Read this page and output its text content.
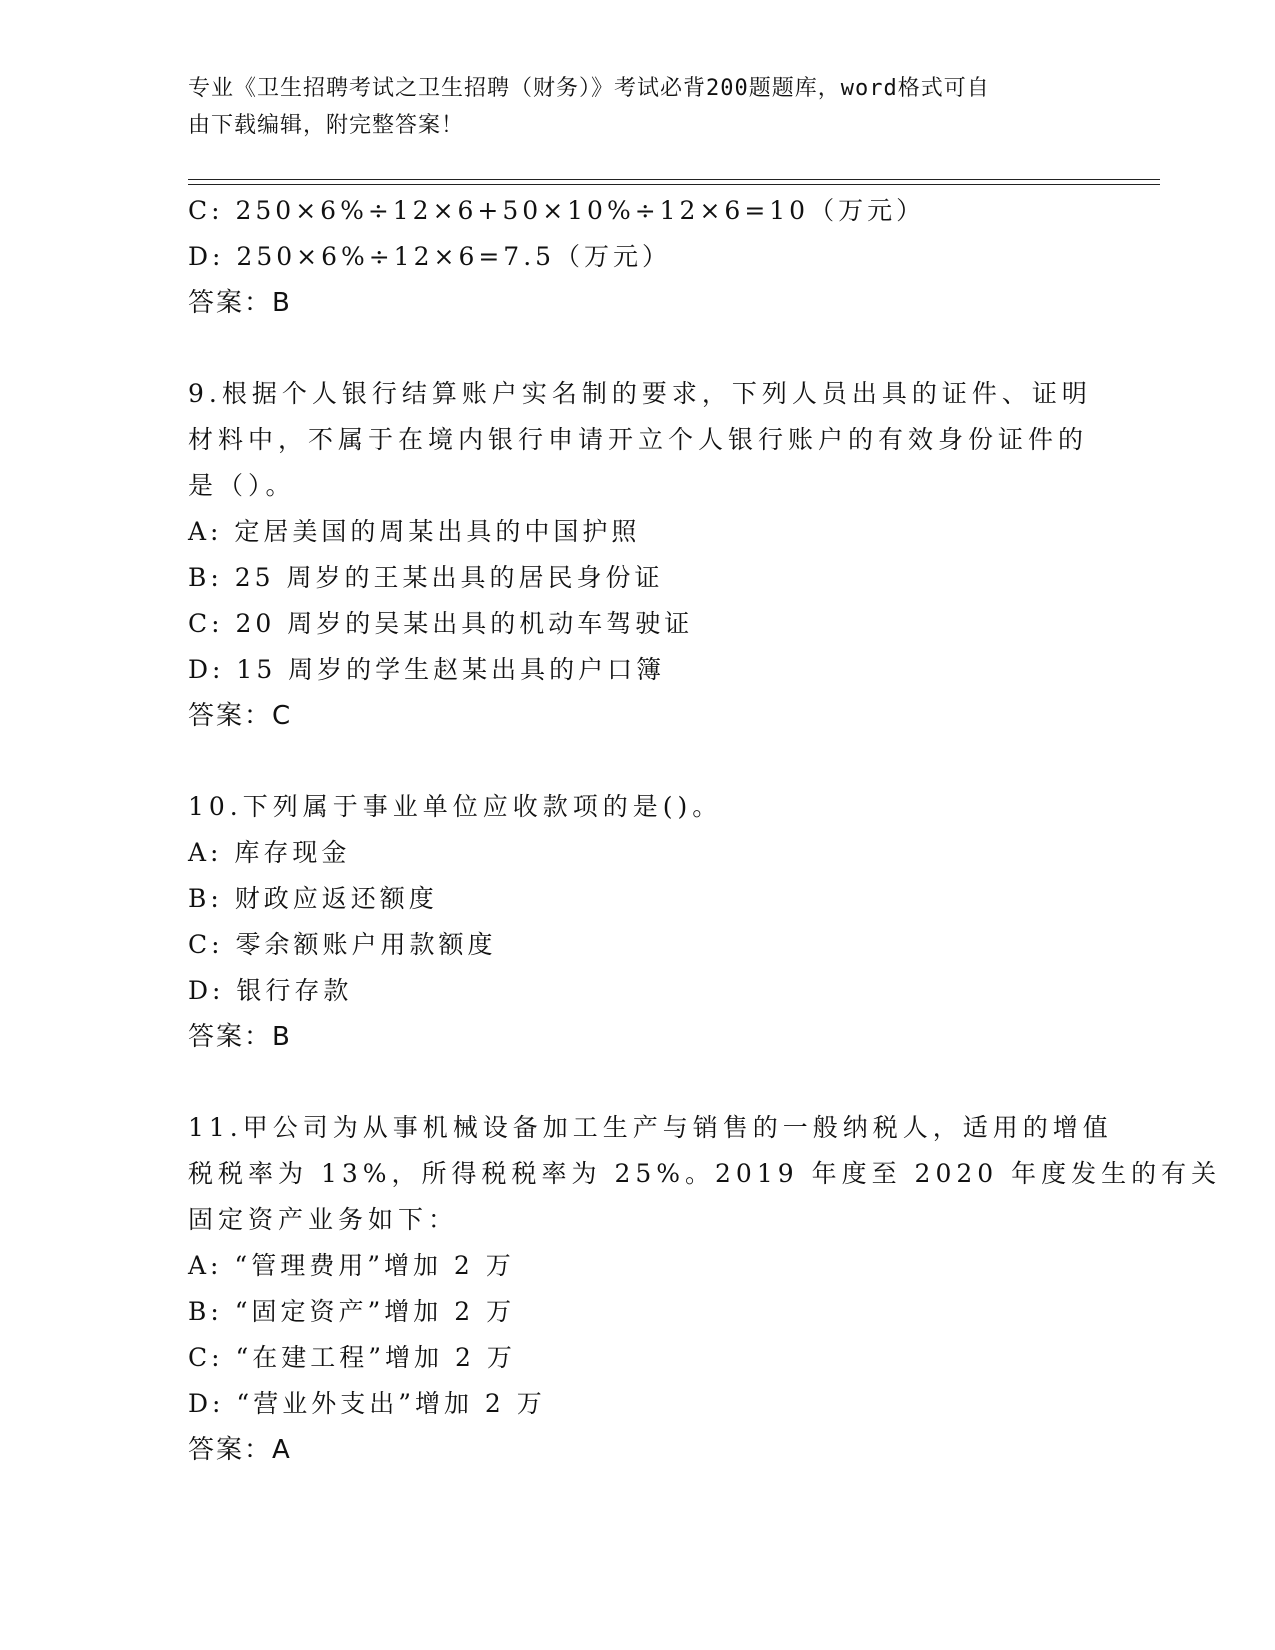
专业《卫生招聘考试之卫生招聘（财务）》考试必背200题题库，word格式可自
由下载编辑，附完整答案！
C: 250×6%÷12×6+50×10%÷12×6=10（万元）
D: 250×6%÷12×6=7.5（万元）
答案：B
9.根据个人银行结算账户实名制的要求，下列人员出具的证件、证明
材料中，不属于在境内银行申请开立个人银行账户的有效身份证件的
是（）。
A: 定居美国的周某出具的中国护照
B: 25 周岁的王某出具的居民身份证
C: 20 周岁的吴某出具的机动车驾驶证
D: 15 周岁的学生赵某出具的户口簿
答案：C
10.下列属于事业单位应收款项的是()。
A: 库存现金
B: 财政应返还额度
C: 零余额账户用款额度
D: 银行存款
答案：B
11.甲公司为从事机械设备加工生产与销售的一般纳税人，适用的增值
税税率为 13%，所得税税率为 25%。2019 年度至 2020 年度发生的有关
固定资产业务如下：
A: “管理费用”增加 2 万
B: “固定资产”增加 2 万
C: “在建工程”增加 2 万
D: “营业外支出”增加 2 万
答案：A
